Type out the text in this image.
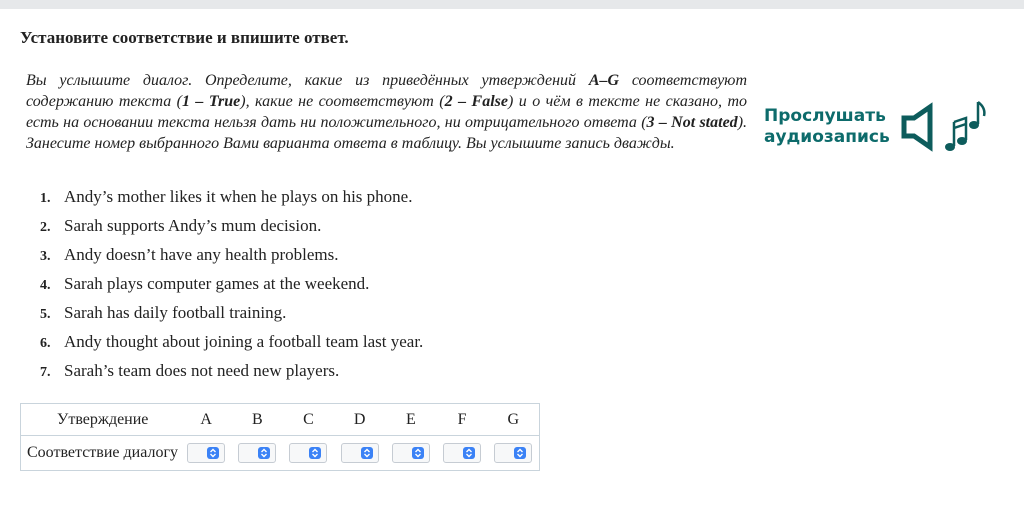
Установите соответствие и впишите ответ.

Вы услышите диалог. Определите, какие из приведённых утверждений A–G соответствуют содержанию текста (1 – True), какие не соответствуют (2 – False) и о чём в тексте не сказано, то есть на основании текста нельзя дать ни положительного, ни отрицательного ответа (3 – Not stated). Занесите номер выбранного Вами варианта ответа в таблицу. Вы услышите запись дважды.

Прослушать
аудиозапись
1. Andy’s mother likes it when he plays on his phone.
2. Sarah supports Andy’s mum decision.
3. Andy doesn’t have any health problems.
4. Sarah plays computer games at the weekend.
5. Sarah has daily football training.
6. Andy thought about joining a football team last year.
7. Sarah’s team does not need new players.
Утверждение	A	B	C	D	E	F	G
Соответствие диалогу	
